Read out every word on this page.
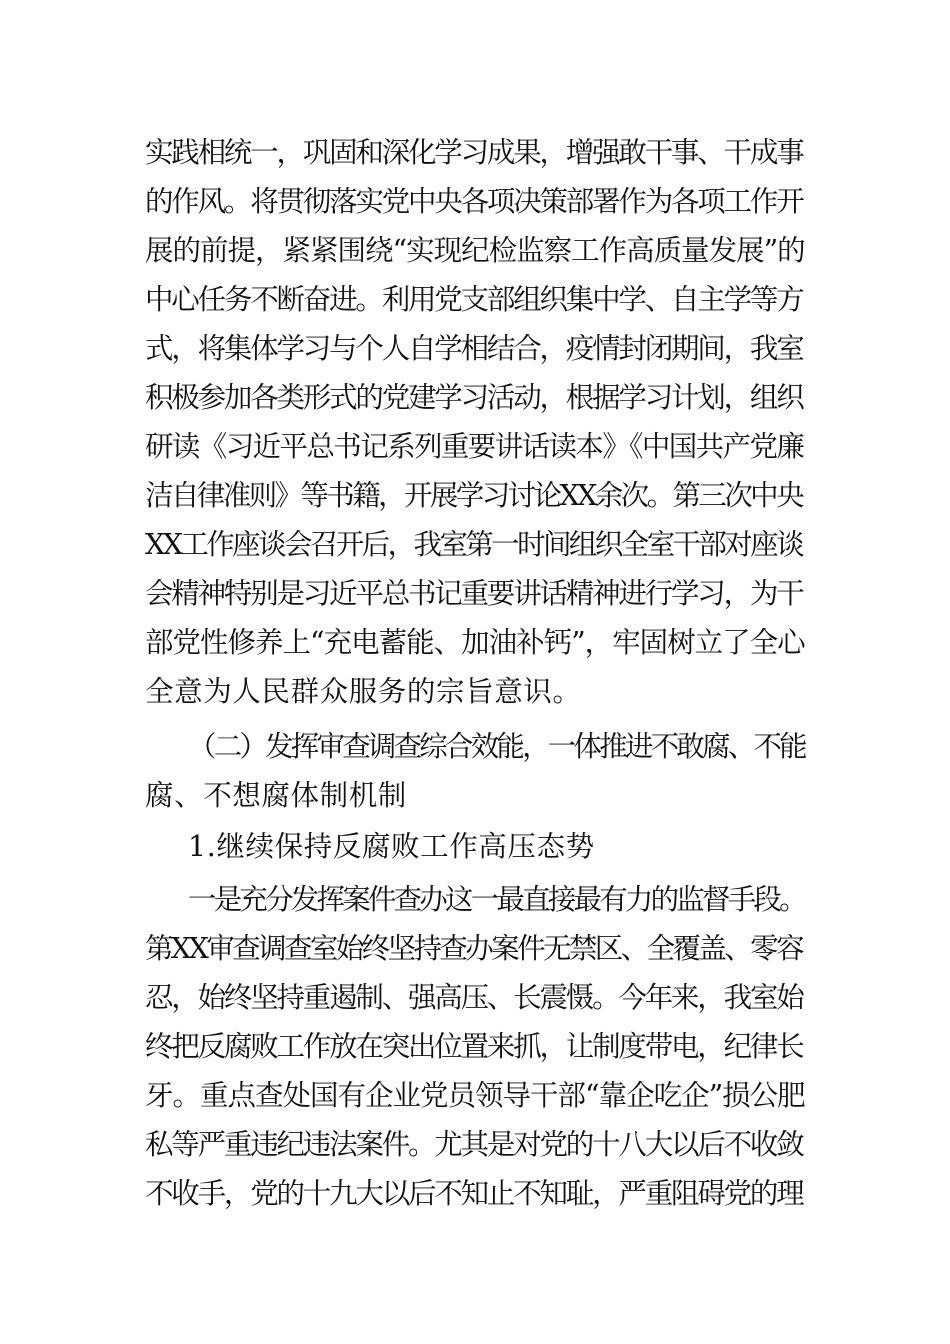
实践相统一，巩固和深化学习成果，增强敢干事、干成事
的作风。将贯彻落实党中央各项决策部署作为各项工作开
展的前提，紧紧围绕“实现纪检监察工作高质量发展”的
中心任务不断奋进。利用党支部组织集中学、自主学等方
式，将集体学习与个人自学相结合，疫情封闭期间，我室
积极参加各类形式的党建学习活动，根据学习计划，组织
研读《习近平总书记系列重要讲话读本》《中国共产党廉
洁自律准则》等书籍，开展学习讨论XX余次。第三次中央
XX工作座谈会召开后，我室第一时间组织全室干部对座谈
会精神特别是习近平总书记重要讲话精神进行学习，为干
部党性修养上“充电蓄能、加油补钙”，牢固树立了全心
全意为人民群众服务的宗旨意识。
（二）发挥审查调查综合效能，一体推进不敢腐、不能
腐、不想腐体制机制
1.继续保持反腐败工作高压态势
一是充分发挥案件查办这一最直接最有力的监督手段。
第XX审查调查室始终坚持查办案件无禁区、全覆盖、零容
忍，始终坚持重遏制、强高压、长震慑。今年来，我室始
终把反腐败工作放在突出位置来抓，让制度带电，纪律长
牙。重点查处国有企业党员领导干部“靠企吃企”损公肥
私等严重违纪违法案件。尤其是对党的十八大以后不收敛
不收手，党的十九大以后不知止不知耻，严重阻碍党的理
